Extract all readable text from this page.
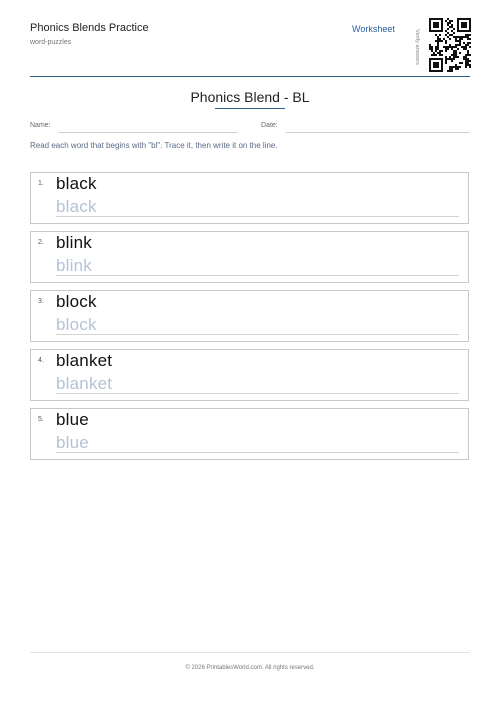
Phonics Blends Practice
word-puzzles
Worksheet
Verify answers
Phonics Blend - BL
Name:	Date:
Read each word that begins with "bl". Trace it, then write it on the line.
1. black
black
2. blink
blink
3. block
block
4. blanket
blanket
5. blue
blue
© 2026 PrintablesWorld.com. All rights reserved.
